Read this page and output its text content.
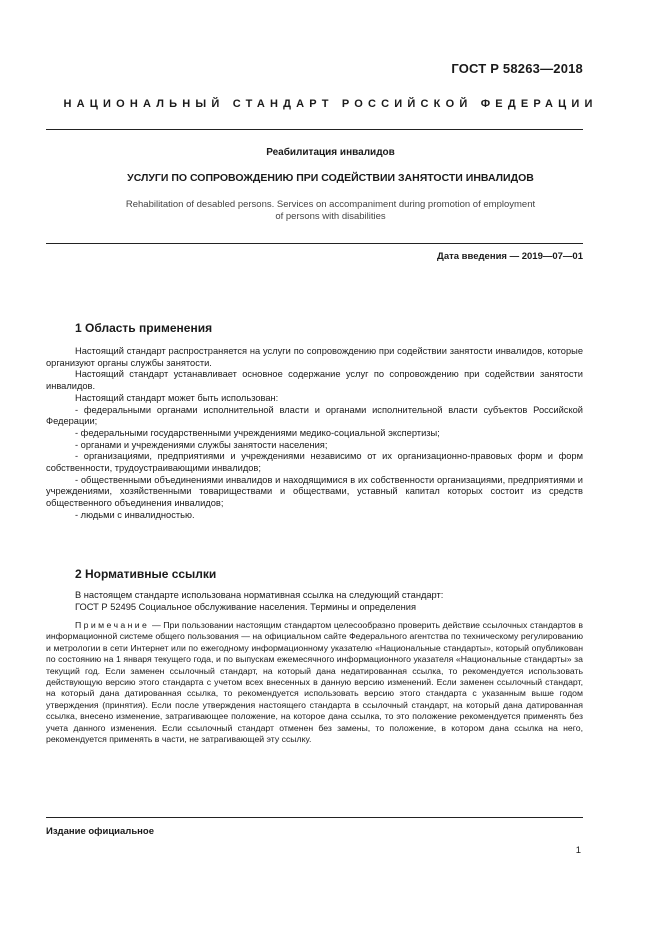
ГОСТ Р 58263—2018
НАЦИОНАЛЬНЫЙ СТАНДАРТ РОССИЙСКОЙ ФЕДЕРАЦИИ
Реабилитация инвалидов
УСЛУГИ ПО СОПРОВОЖДЕНИЮ ПРИ СОДЕЙСТВИИ ЗАНЯТОСТИ ИНВАЛИДОВ
Rehabilitation of desabled persons. Services on accompaniment during promotion of employment
of persons with disabilities
Дата введения — 2019—07—01
1 Область применения

Настоящий стандарт распространяется на услуги по сопровождению при содействии занятости инвалидов, которые организуют органы службы занятости.

Настоящий стандарт устанавливает основное содержание услуг по сопровождению при содействии занятости инвалидов.

Настоящий стандарт может быть использован:

- федеральными органами исполнительной власти и органами исполнительной власти субъектов Российской Федерации;

- федеральными государственными учреждениями медико-социальной экспертизы;

- органами и учреждениями службы занятости населения;

- организациями, предприятиями и учреждениями независимо от их организационно-правовых форм и форм собственности, трудоустраивающими инвалидов;

- общественными объединениями инвалидов и находящимися в их собственности организациями, предприятиями и учреждениями, хозяйственными товариществами и обществами, уставный капитал которых состоит из средств общественного объединения инвалидов;

- людьми с инвалидностью.

2 Нормативные ссылки

В настоящем стандарте использована нормативная ссылка на следующий стандарт:

ГОСТ Р 52495 Социальное обслуживание населения. Термины и определения

Примечание — При пользовании настоящим стандартом целесообразно проверить действие ссылочных стандартов в информационной системе общего пользования — на официальном сайте Федерального агентства по техническому регулированию и метрологии в сети Интернет или по ежегодному информационному указателю «Национальные стандарты», который опубликован по состоянию на 1 января текущего года, и по выпускам ежемесячного информационного указателя «Национальные стандарты» за текущий год. Если заменен ссылочный стандарт, на который дана недатированная ссылка, то рекомендуется использовать действующую версию этого стандарта с учетом всех внесенных в данную версию изменений. Если заменен ссылочный стандарт, на который дана датированная ссылка, то рекомендуется использовать версию этого стандарта с указанным выше годом утверждения (принятия). Если после утверждения настоящего стандарта в ссылочный стандарт, на который дана датированная ссылка, внесено изменение, затрагивающее положение, на которое дана ссылка, то это положение рекомендуется применять без учета данного изменения. Если ссылочный стандарт отменен без замены, то положение, в котором дана ссылка на него, рекомендуется применять в части, не затрагивающей эту ссылку.

Издание официальное
1
